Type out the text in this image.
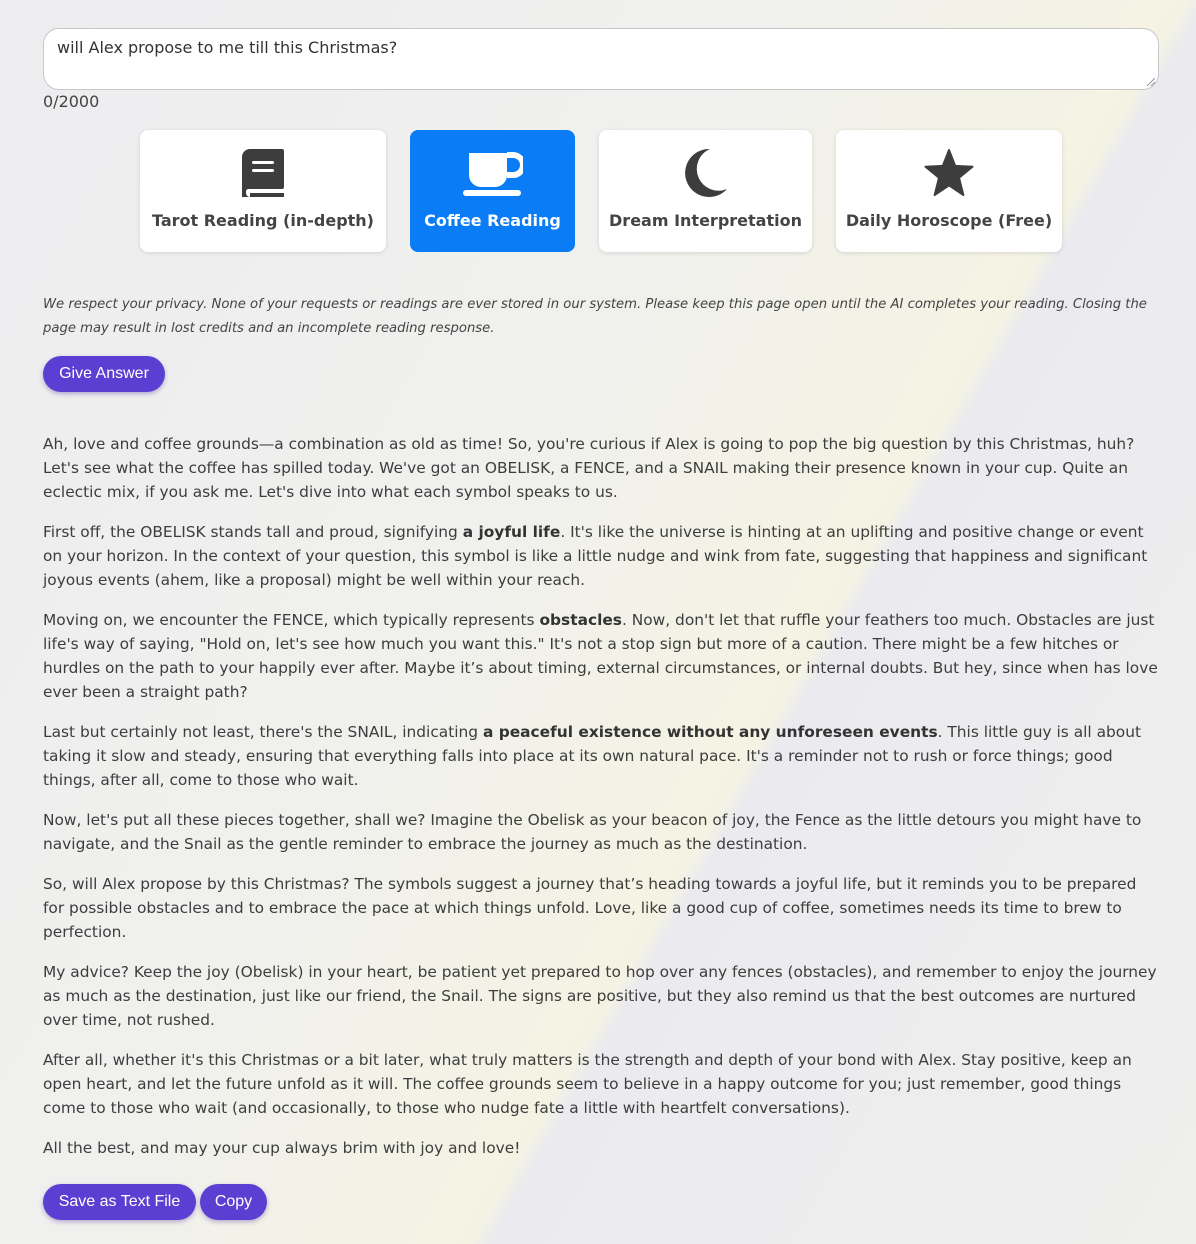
will Alex propose to me till this Christmas?
0/2000
Tarot Reading (in-depth)	Coffee Reading	Dream Interpretation	Daily Horoscope (Free)
We respect your privacy. None of your requests or readings are ever stored in our system. Please keep this page open until the AI completes your reading. Closing the page may result in lost credits and an incomplete reading response.
Give Answer

Ah, love and coffee grounds—a combination as old as time! So, you're curious if Alex is going to pop the big question by this Christmas, huh? Let's see what the coffee has spilled today. We've got an OBELISK, a FENCE, and a SNAIL making their presence known in your cup. Quite an eclectic mix, if you ask me. Let's dive into what each symbol speaks to us.

First off, the OBELISK stands tall and proud, signifying a joyful life. It's like the universe is hinting at an uplifting and positive change or event on your horizon. In the context of your question, this symbol is like a little nudge and wink from fate, suggesting that happiness and significant joyous events (ahem, like a proposal) might be well within your reach.

Moving on, we encounter the FENCE, which typically represents obstacles. Now, don't let that ruffle your feathers too much. Obstacles are just life's way of saying, "Hold on, let's see how much you want this." It's not a stop sign but more of a caution. There might be a few hitches or hurdles on the path to your happily ever after. Maybe it’s about timing, external circumstances, or internal doubts. But hey, since when has love ever been a straight path?

Last but certainly not least, there's the SNAIL, indicating a peaceful existence without any unforeseen events. This little guy is all about taking it slow and steady, ensuring that everything falls into place at its own natural pace. It's a reminder not to rush or force things; good things, after all, come to those who wait.

Now, let's put all these pieces together, shall we? Imagine the Obelisk as your beacon of joy, the Fence as the little detours you might have to navigate, and the Snail as the gentle reminder to embrace the journey as much as the destination.

So, will Alex propose by this Christmas? The symbols suggest a journey that’s heading towards a joyful life, but it reminds you to be prepared for possible obstacles and to embrace the pace at which things unfold. Love, like a good cup of coffee, sometimes needs its time to brew to perfection.

My advice? Keep the joy (Obelisk) in your heart, be patient yet prepared to hop over any fences (obstacles), and remember to enjoy the journey as much as the destination, just like our friend, the Snail. The signs are positive, but they also remind us that the best outcomes are nurtured over time, not rushed.

After all, whether it's this Christmas or a bit later, what truly matters is the strength and depth of your bond with Alex. Stay positive, keep an open heart, and let the future unfold as it will. The coffee grounds seem to believe in a happy outcome for you; just remember, good things come to those who wait (and occasionally, to those who nudge fate a little with heartfelt conversations).

All the best, and may your cup always brim with joy and love!

Save as Text File	Copy
